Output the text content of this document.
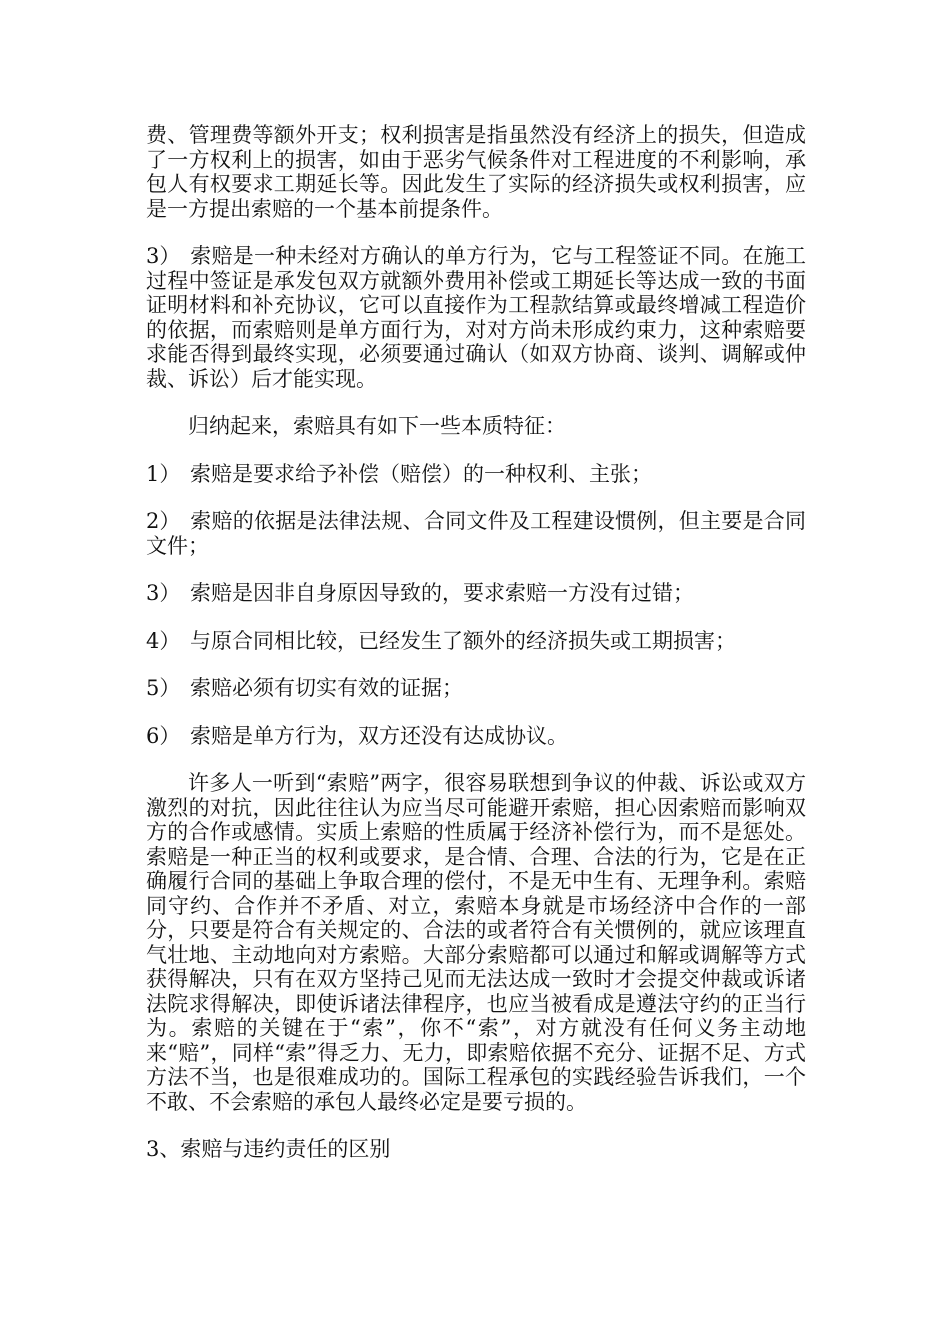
费、管理费等额外开支；权利损害是指虽然没有经济上的损失，但造成了一方权利上的损害，如由于恶劣气候条件对工程进度的不利影响，承包人有权要求工期延长等。因此发生了实际的经济损失或权利损害，应是一方提出索赔的一个基本前提条件。

3） 索赔是一种未经对方确认的单方行为，它与工程签证不同。在施工过程中签证是承发包双方就额外费用补偿或工期延长等达成一致的书面证明材料和补充协议，它可以直接作为工程款结算或最终增减工程造价的依据，而索赔则是单方面行为，对对方尚未形成约束力，这种索赔要求能否得到最终实现，必须要通过确认（如双方协商、谈判、调解或仲裁、诉讼）后才能实现。

归纳起来，索赔具有如下一些本质特征：

1） 索赔是要求给予补偿（赔偿）的一种权利、主张；

2） 索赔的依据是法律法规、合同文件及工程建设惯例，但主要是合同文件；

3） 索赔是因非自身原因导致的，要求索赔一方没有过错；

4） 与原合同相比较，已经发生了额外的经济损失或工期损害；

5） 索赔必须有切实有效的证据；

6） 索赔是单方行为，双方还没有达成协议。

许多人一听到“索赔”两字，很容易联想到争议的仲裁、诉讼或双方激烈的对抗，因此往往认为应当尽可能避开索赔，担心因索赔而影响双方的合作或感情。实质上索赔的性质属于经济补偿行为，而不是惩处。索赔是一种正当的权利或要求，是合情、合理、合法的行为，它是在正确履行合同的基础上争取合理的偿付，不是无中生有、无理争利。索赔同守约、合作并不矛盾、对立，索赔本身就是市场经济中合作的一部分，只要是符合有关规定的、合法的或者符合有关惯例的，就应该理直气壮地、主动地向对方索赔。大部分索赔都可以通过和解或调解等方式获得解决，只有在双方坚持己见而无法达成一致时才会提交仲裁或诉诸法院求得解决，即使诉诸法律程序，也应当被看成是遵法守约的正当行为。索赔的关键在于“索”，你不“索”，对方就没有任何义务主动地来“赔”，同样“索”得乏力、无力，即索赔依据不充分、证据不足、方式方法不当，也是很难成功的。国际工程承包的实践经验告诉我们，一个不敢、不会索赔的承包人最终必定是要亏损的。

3、索赔与违约责任的区别
